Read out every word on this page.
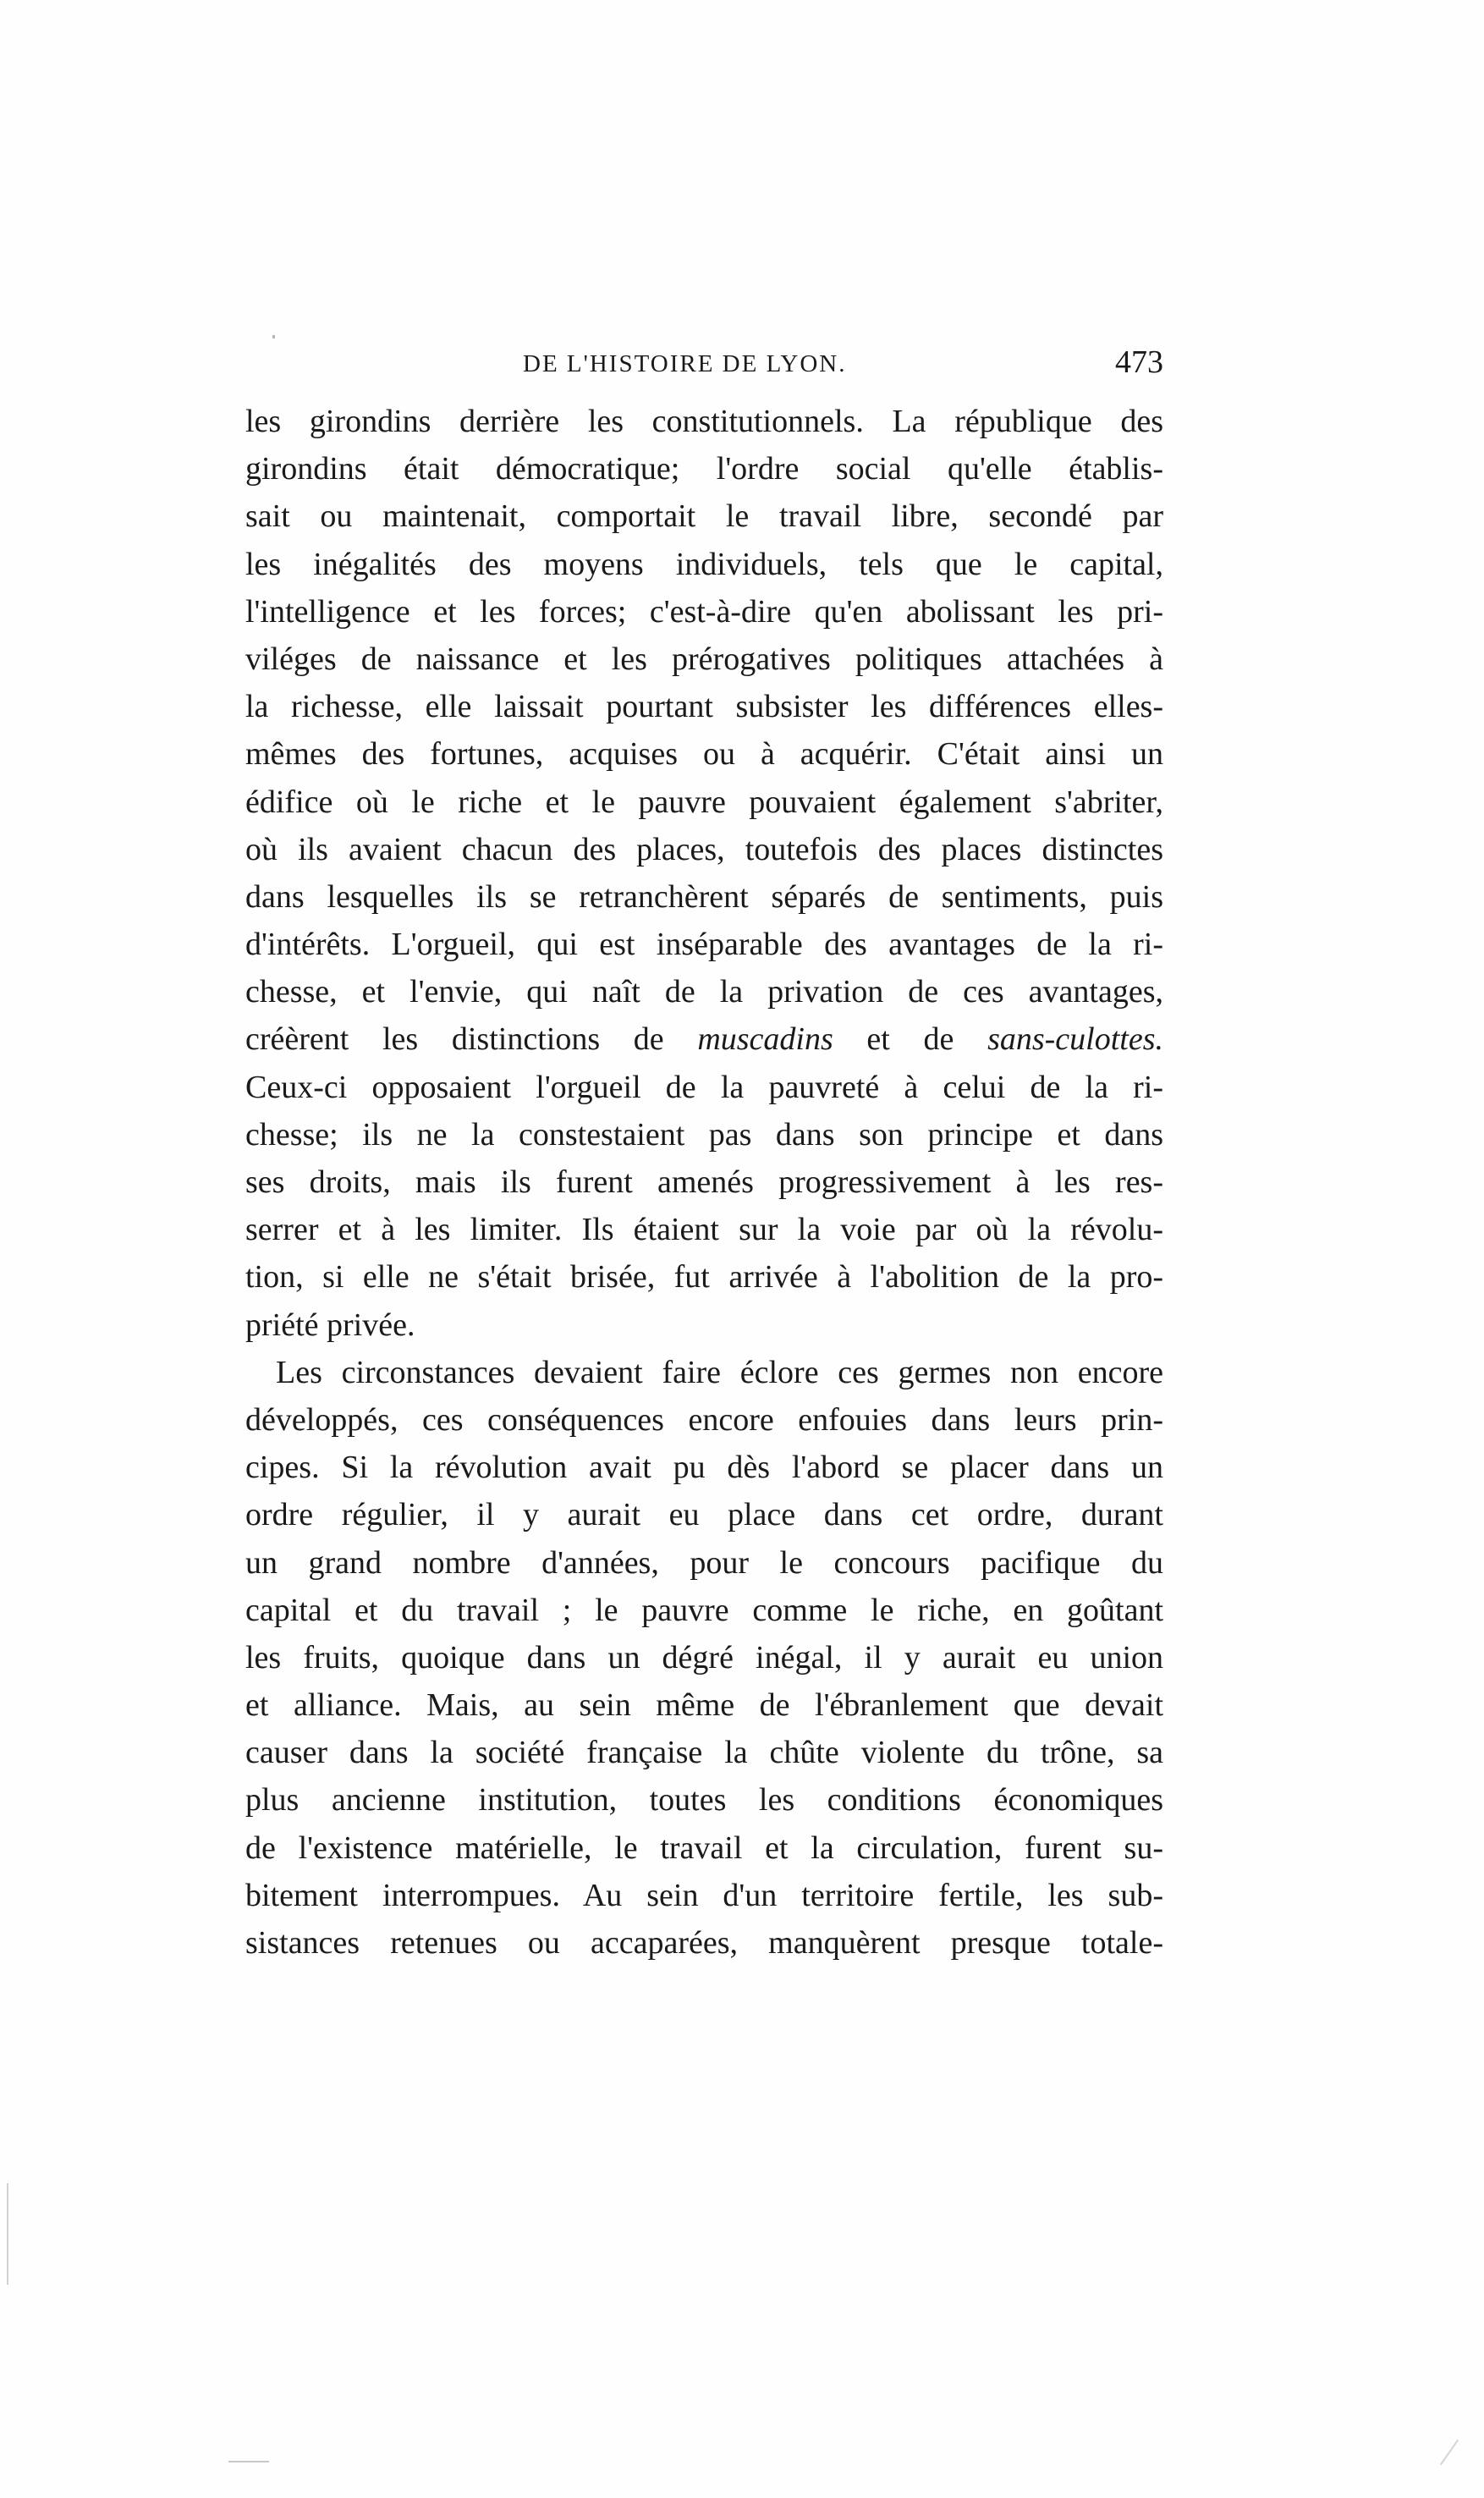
DE L'HISTOIRE DE LYON.	473
les girondins derrière les constitutionnels. La république des
girondins était démocratique; l'ordre social qu'elle établis-
sait ou maintenait, comportait le travail libre, secondé par
les inégalités des moyens individuels, tels que le capital,
l'intelligence et les forces; c'est-à-dire qu'en abolissant les pri-
viléges de naissance et les prérogatives politiques attachées à
la richesse, elle laissait pourtant subsister les différences elles-
mêmes des fortunes, acquises ou à acquérir. C'était ainsi un
édifice où le riche et le pauvre pouvaient également s'abriter,
où ils avaient chacun des places, toutefois des places distinctes
dans lesquelles ils se retranchèrent séparés de sentiments, puis
d'intérêts. L'orgueil, qui est inséparable des avantages de la ri-
chesse, et l'envie, qui naît de la privation de ces avantages,
créèrent les distinctions de muscadins et de sans-culottes.
Ceux-ci opposaient l'orgueil de la pauvreté à celui de la ri-
chesse; ils ne la constestaient pas dans son principe et dans
ses droits, mais ils furent amenés progressivement à les res-
serrer et à les limiter. Ils étaient sur la voie par où la révolu-
tion, si elle ne s'était brisée, fut arrivée à l'abolition de la pro-
priété privée.
Les circonstances devaient faire éclore ces germes non encore
développés, ces conséquences encore enfouies dans leurs prin-
cipes. Si la révolution avait pu dès l'abord se placer dans un
ordre régulier, il y aurait eu place dans cet ordre, durant
un grand nombre d'années, pour le concours pacifique du
capital et du travail ; le pauvre comme le riche, en goûtant
les fruits, quoique dans un dégré inégal, il y aurait eu union
et alliance. Mais, au sein même de l'ébranlement que devait
causer dans la société française la chûte violente du trône, sa
plus ancienne institution, toutes les conditions économiques
de l'existence matérielle, le travail et la circulation, furent su-
bitement interrompues. Au sein d'un territoire fertile, les sub-
sistances retenues ou accaparées, manquèrent presque totale-
